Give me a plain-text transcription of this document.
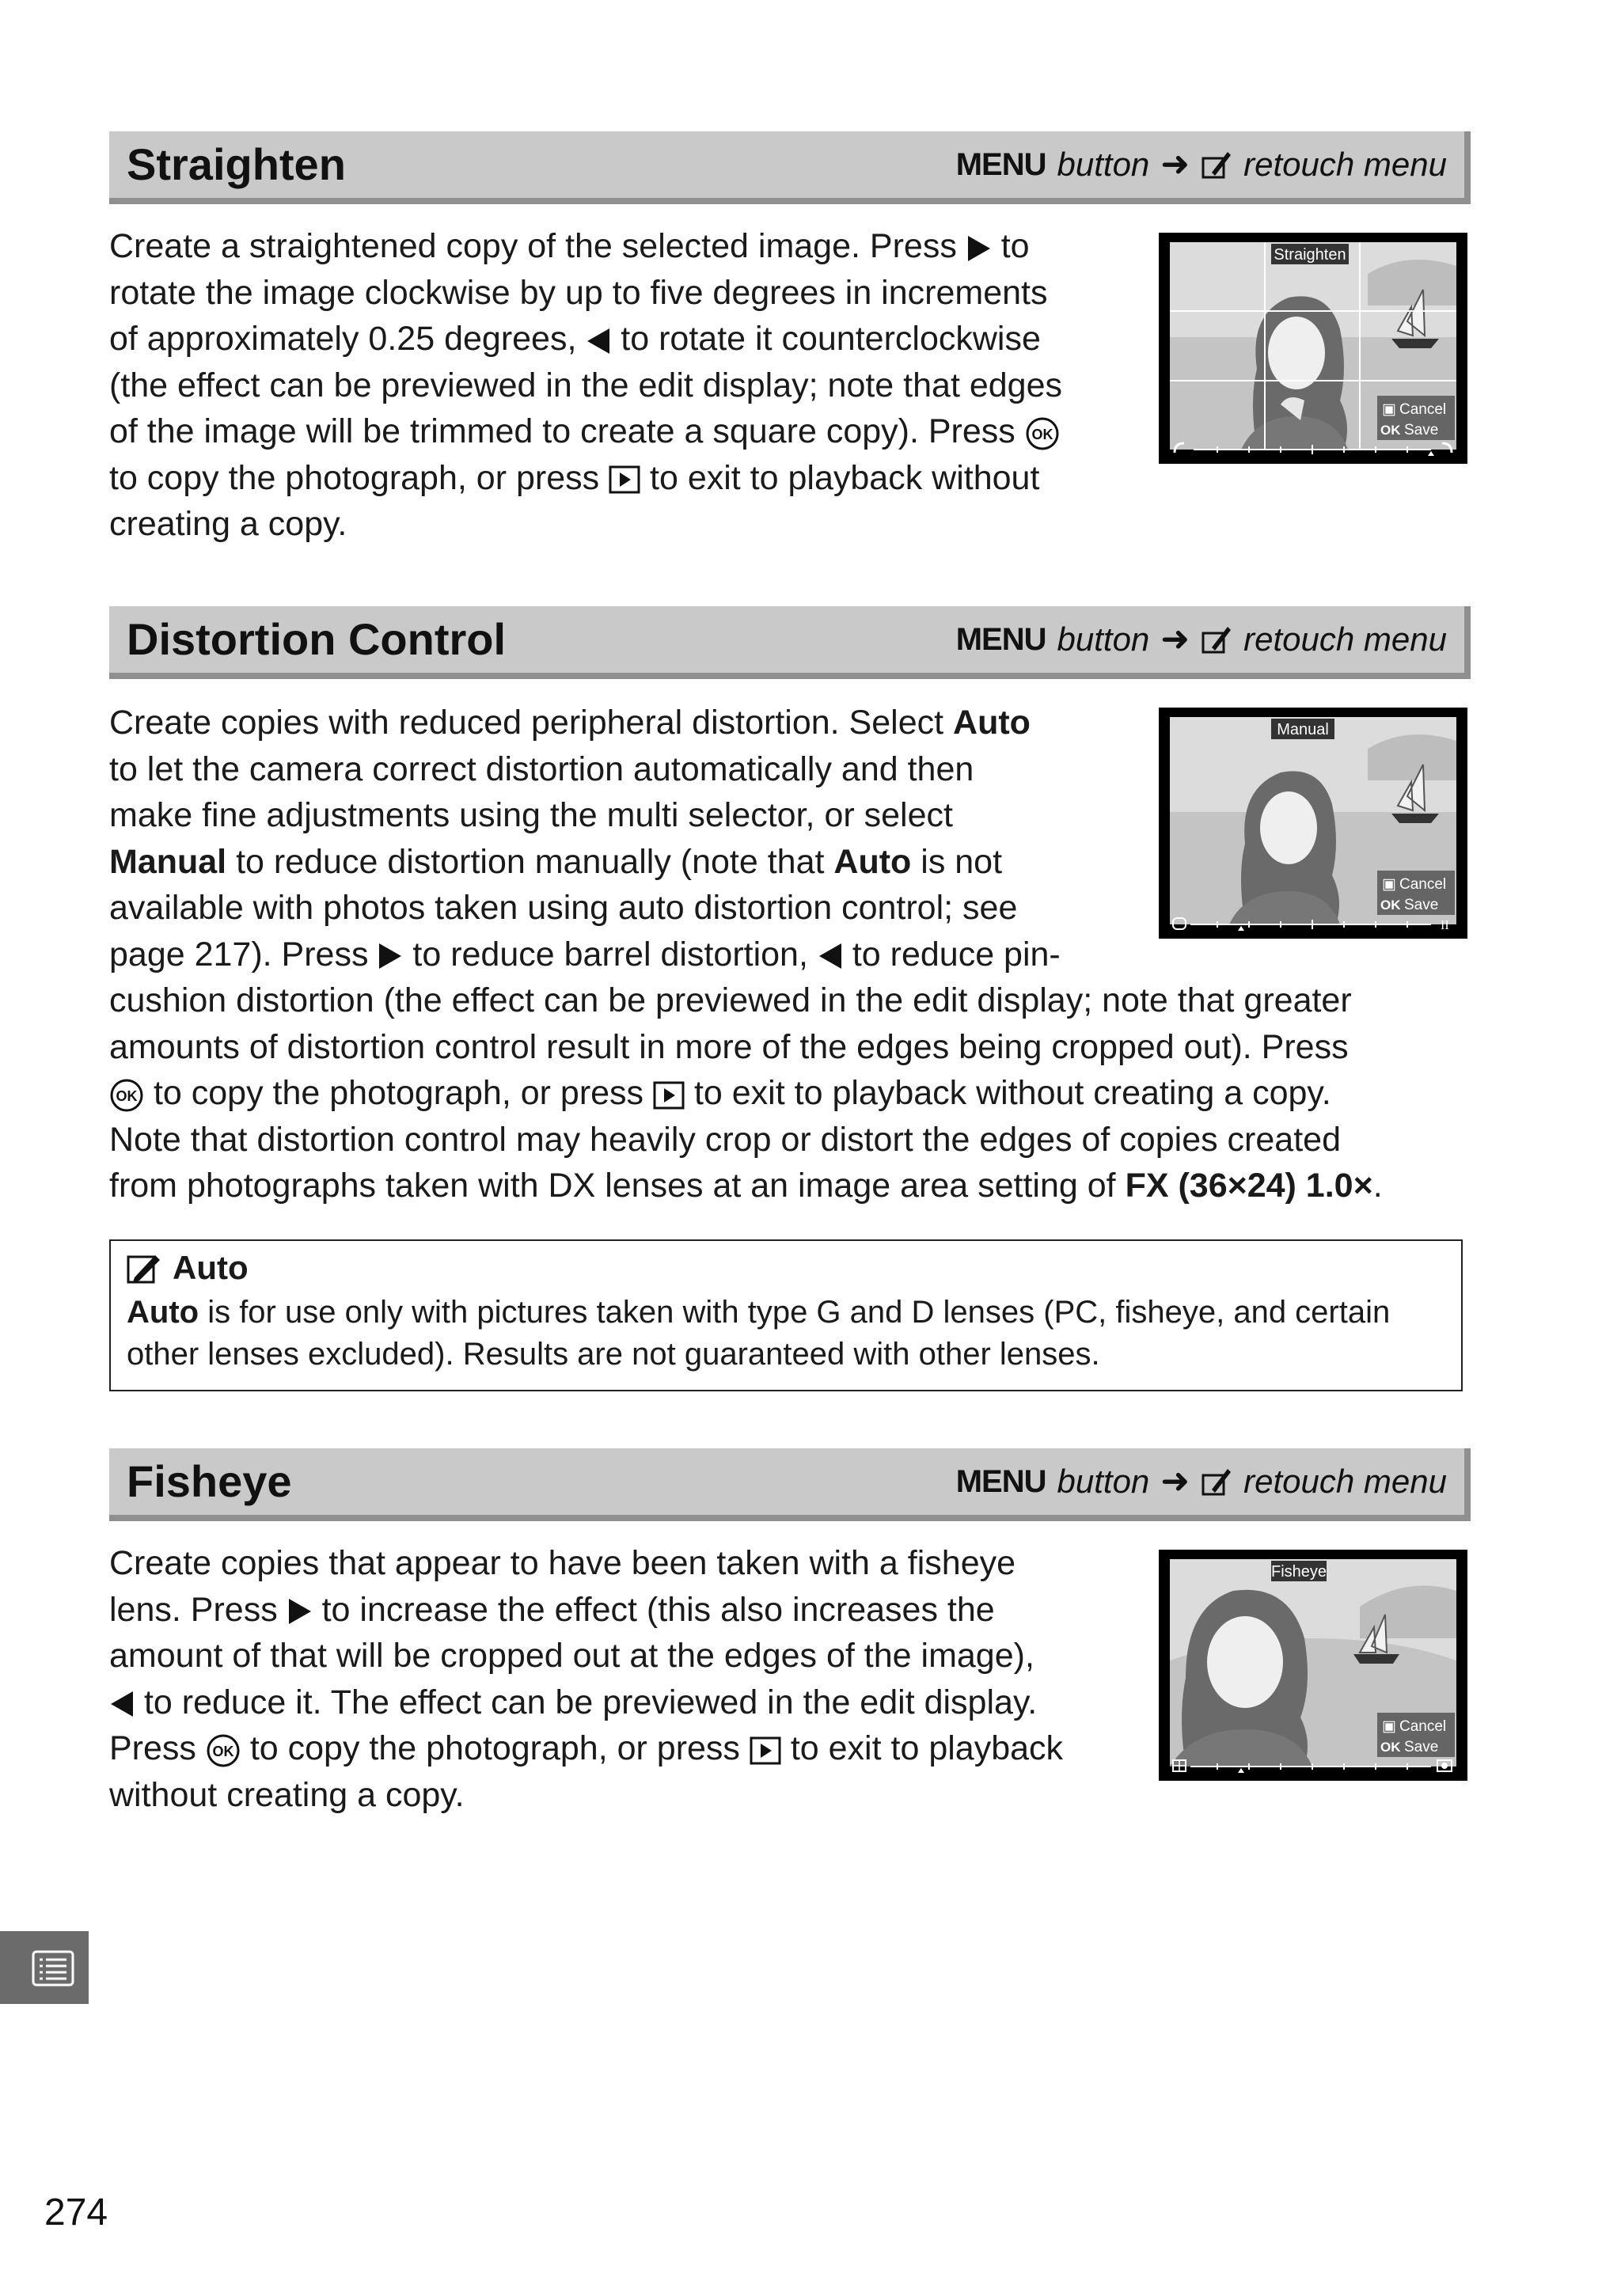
Straighten	MENU button ➜ retouch menu
Create a straightened copy of the selected image. Press  to
rotate the image clockwise by up to five degrees in increments
of approximately 0.25 degrees,  to rotate it counterclockwise
(the effect can be previewed in the edit display; note that edges
of the image will be trimmed to create a square copy). Press OK
to copy the photograph, or press  to exit to playback without
creating a copy.
Straighten
▣ Cancel
OK Save
Distortion Control	MENU button ➜ retouch menu
Create copies with reduced peripheral distortion. Select Auto
to let the camera correct distortion automatically and then
make fine adjustments using the multi selector, or select
Manual to reduce distortion manually (note that Auto is not
available with photos taken using auto distortion control; see
page 217). Press  to reduce barrel distortion,  to reduce pin-
cushion distortion (the effect can be previewed in the edit display; note that greater
amounts of distortion control result in more of the edges being cropped out). Press
OK to copy the photograph, or press  to exit to playback without creating a copy.
Note that distortion control may heavily crop or distort the edges of copies created
from photographs taken with DX lenses at an image area setting of FX (36×24) 1.0×.
Manual
▣ Cancel
OK Save
II
Auto
Auto is for use only with pictures taken with type G and D lenses (PC, fisheye, and certain
other lenses excluded). Results are not guaranteed with other lenses.
Fisheye	MENU button ➜ retouch menu
Create copies that appear to have been taken with a fisheye
lens. Press  to increase the effect (this also increases the
amount of that will be cropped out at the edges of the image),
to reduce it. The effect can be previewed in the edit display.
Press OK to copy the photograph, or press  to exit to playback
without creating a copy.
Fisheye
▣ Cancel
OK Save
274
